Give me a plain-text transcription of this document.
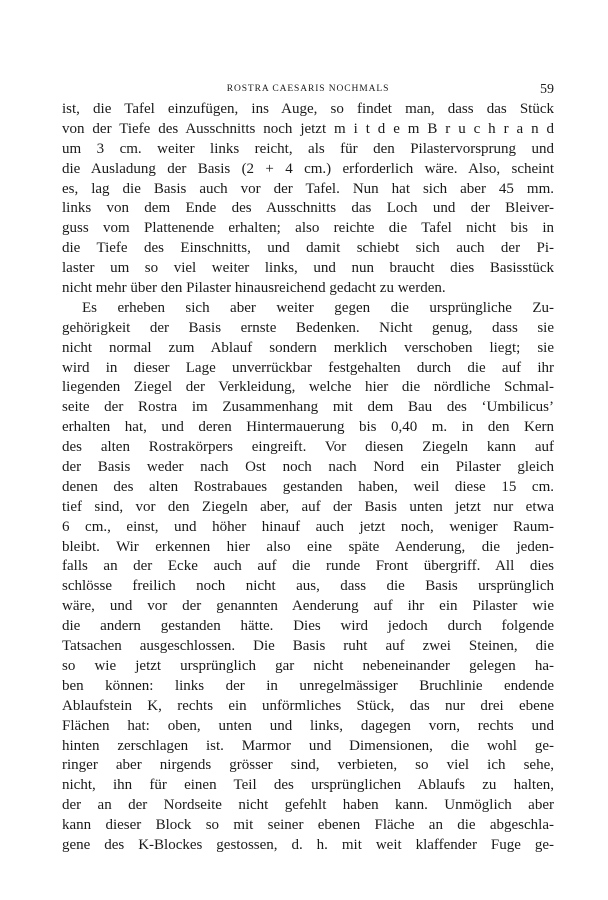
ROSTRA CAESARIS NOCHMALS	59
ist, die Tafel einzufügen, ins Auge, so findet man, dass das Stück
von der Tiefe des Ausschnitts noch jetzt m i t d e m B r u c h r a n d
um 3 cm. weiter links reicht, als für den Pilastervorsprung und
die Ausladung der Basis (2 + 4 cm.) erforderlich wäre. Also, scheint
es, lag die Basis auch vor der Tafel. Nun hat sich aber 45 mm.
links von dem Ende des Ausschnitts das Loch und der Bleiver-
guss vom Plattenende erhalten; also reichte die Tafel nicht bis in
die Tiefe des Einschnitts, und damit schiebt sich auch der Pi-
laster um so viel weiter links, und nun braucht dies Basisstück
nicht mehr über den Pilaster hinausreichend gedacht zu werden.
Es erheben sich aber weiter gegen die ursprüngliche Zu-
gehörigkeit der Basis ernste Bedenken. Nicht genug, dass sie
nicht normal zum Ablauf sondern merklich verschoben liegt; sie
wird in dieser Lage unverrückbar festgehalten durch die auf ihr
liegenden Ziegel der Verkleidung, welche hier die nördliche Schmal-
seite der Rostra im Zusammenhang mit dem Bau des ‘Umbilicus’
erhalten hat, und deren Hintermauerung bis 0,40 m. in den Kern
des alten Rostrakörpers eingreift. Vor diesen Ziegeln kann auf
der Basis weder nach Ost noch nach Nord ein Pilaster gleich
denen des alten Rostrabaues gestanden haben, weil diese 15 cm.
tief sind, vor den Ziegeln aber, auf der Basis unten jetzt nur etwa
6 cm., einst, und höher hinauf auch jetzt noch, weniger Raum-
bleibt. Wir erkennen hier also eine späte Aenderung, die jeden-
falls an der Ecke auch auf die runde Front übergriff. All dies
schlösse freilich noch nicht aus, dass die Basis ursprünglich
wäre, und vor der genannten Aenderung auf ihr ein Pilaster wie
die andern gestanden hätte. Dies wird jedoch durch folgende
Tatsachen ausgeschlossen. Die Basis ruht auf zwei Steinen, die
so wie jetzt ursprünglich gar nicht nebeneinander gelegen ha-
ben können: links der in unregelmässiger Bruchlinie endende
Ablaufstein K, rechts ein unförmliches Stück, das nur drei ebene
Flächen hat: oben, unten und links, dagegen vorn, rechts und
hinten zerschlagen ist. Marmor und Dimensionen, die wohl ge-
ringer aber nirgends grösser sind, verbieten, so viel ich sehe,
nicht, ihn für einen Teil des ursprünglichen Ablaufs zu halten,
der an der Nordseite nicht gefehlt haben kann. Unmöglich aber
kann dieser Block so mit seiner ebenen Fläche an die abgeschla-
gene des K-Blockes gestossen, d. h. mit weit klaffender Fuge ge-
